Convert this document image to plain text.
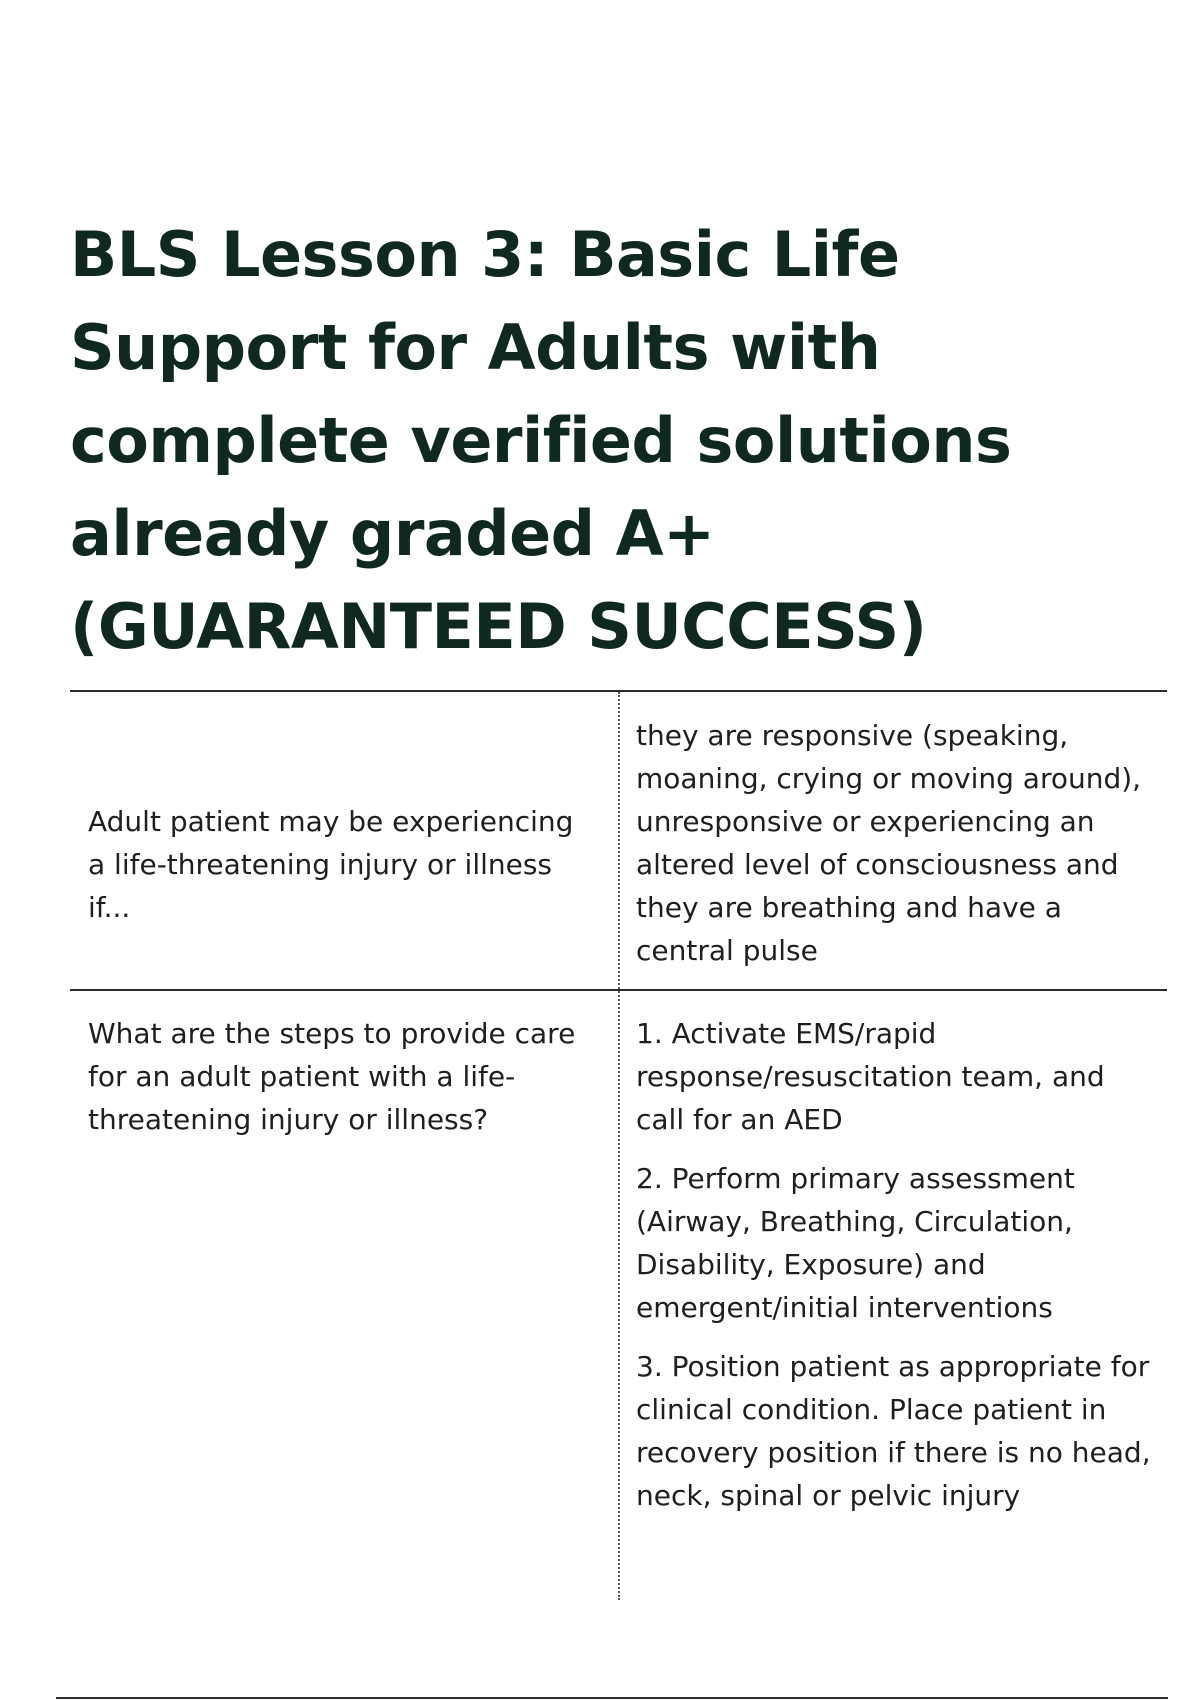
BLS Lesson 3: Basic Life Support for Adults with complete verified solutions already graded A+(GUARANTEED SUCCESS)

Adult patient may be experiencing a life-threatening injury or illness if...

they are responsive (speaking, moaning, crying or moving around), unresponsive or experiencing an altered level of consciousness and they are breathing and have a central pulse

What are the steps to provide care for an adult patient with a life-threatening injury or illness?

1. Activate EMS/rapid response/resuscitation team, and call for an AED
2. Perform primary assessment (Airway, Breathing, Circulation, Disability, Exposure) and emergent/initial interventions
3. Position patient as appropriate for clinical condition. Place patient in recovery position if there is no head, neck, spinal or pelvic injury
